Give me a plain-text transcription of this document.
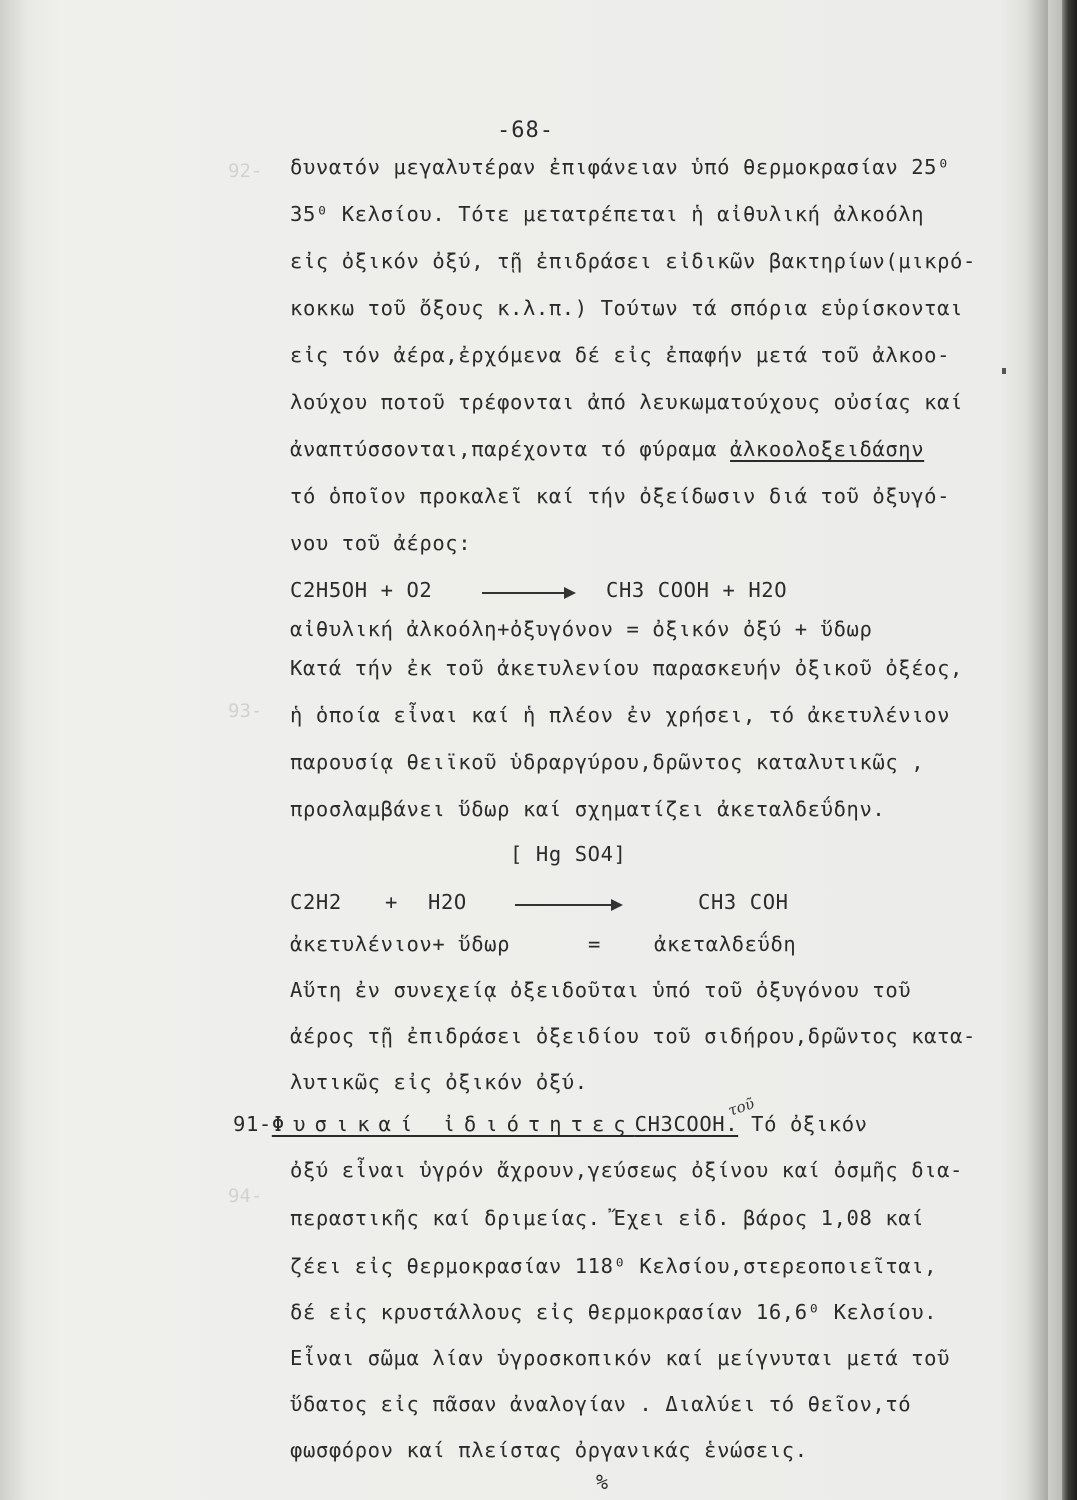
92-
93-
94-
-68-
δυνατόν μεγαλυτέραν ἐπιφάνειαν ὑπό θερμοκρασίαν 25⁰
35⁰ Κελσίου. Τότε μετατρέπεται ἡ αἰθυλική ἀλκοόλη
εἰς ὀξικόν ὀξύ, τῇ ἐπιδράσει εἰδικῶν βακτηρίων(μικρό-
κοκκω τοῦ ὄξους κ.λ.π.) Τούτων τά σπόρια εὑρίσκονται
εἰς τόν ἀέρα,ἐρχόμενα δέ εἰς ἐπαφήν μετά τοῦ ἀλκοο-
λούχου ποτοῦ τρέφονται ἀπό λευκωματούχους οὐσίας καί
ἀναπτύσσονται,παρέχοντα τό φύραμα ἀλκοολοξειδάσην
τό ὁποῖον προκαλεῖ καί τήν ὀξείδωσιν διά τοῦ ὀξυγό-
νου τοῦ ἀέρος:
C2H5OH + O2	CH3 COOH + H2O
αἰθυλική ἀλκοόλη+ὀξυγόνον = ὀξικόν ὀξύ + ὕδωρ
Κατά τήν ἐκ τοῦ ἀκετυλενίου παρασκευήν ὀξικοῦ ὀξέος,
ἡ ὁποία εἶναι καί ἡ πλέον ἐν χρήσει, τό ἀκετυλένιον
παρουσίᾳ θειϊκοῦ ὑδραργύρου,δρῶντος καταλυτικῶς ,
προσλαμβάνει ὕδωρ καί σχηματίζει ἀκεταλδεΰδην.
[ Hg SO4]
C2H2 + H2O	CH3 COH
ἀκετυλένιον+ ὕδωρ	=	ἀκεταλδεΰδη
Αὕτη ἐν συνεχείᾳ ὀξειδοῦται ὑπό τοῦ ὀξυγόνου τοῦ
ἀέρος τῇ ἐπιδράσει ὀξειδίου τοῦ σιδήρου,δρῶντος κατα-
λυτικῶς εἰς ὀξικόν ὀξύ.
91-Φυσικαί ἰδιότητεςCH3COOH. Τό ὀξικόν
τοῦ
ὀξύ εἶναι ὑγρόν ἄχρουν,γεύσεως ὀξίνου καί ὀσμῆς δια-
περαστικῆς καί δριμείας. Ἔχει εἰδ. βάρος 1,08 καί
ζέει εἰς θερμοκρασίαν 118⁰ Κελσίου,στερεοποιεῖται,
δέ εἰς κρυστάλλους εἰς θερμοκρασίαν 16,6⁰ Κελσίου.
Εἶναι σῶμα λίαν ὑγροσκοπικόν καί μείγνυται μετά τοῦ
ὕδατος εἰς πᾶσαν ἀναλογίαν . Διαλύει τό θεῖον,τό
φωσφόρον καί πλείστας ὀργανικάς ἑνώσεις.
%
